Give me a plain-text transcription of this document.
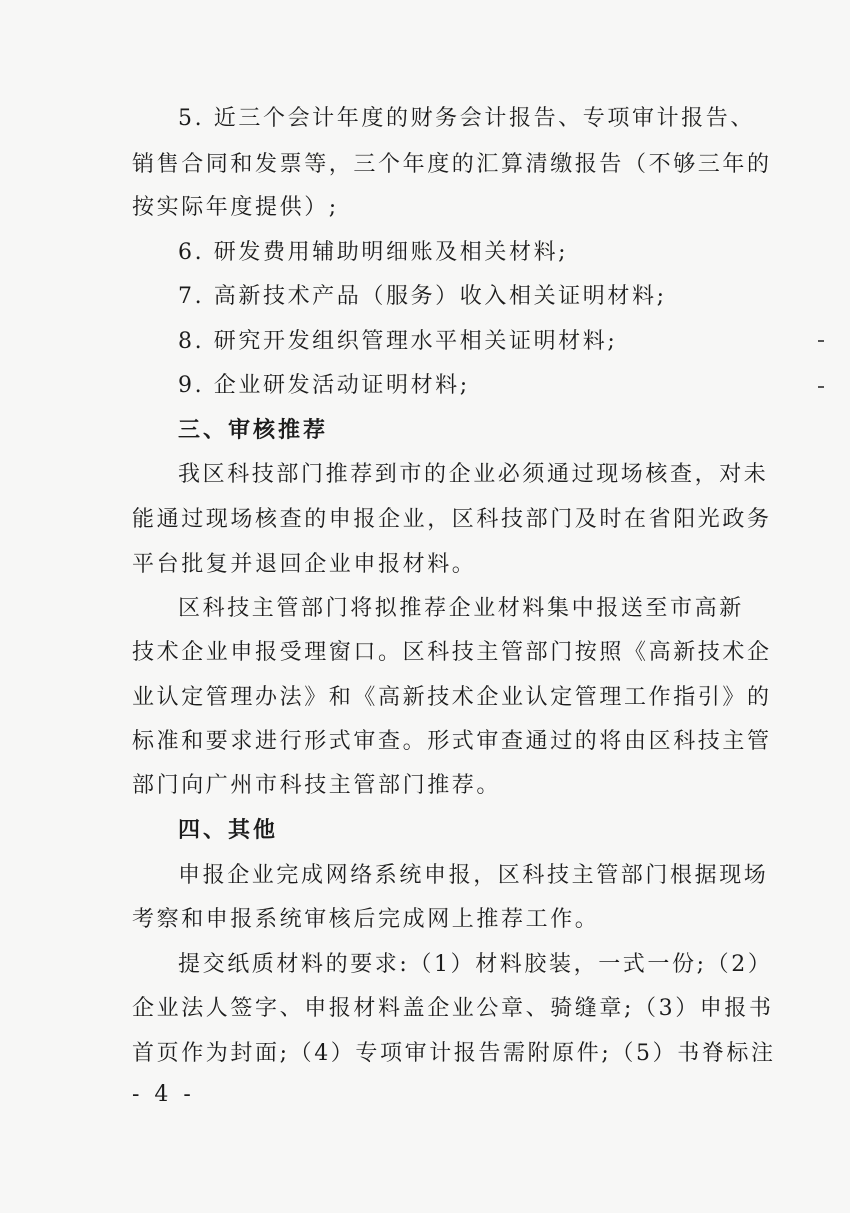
5. 近三个会计年度的财务会计报告、专项审计报告、
销售合同和发票等，三个年度的汇算清缴报告（不够三年的
按实际年度提供）;
6. 研发费用辅助明细账及相关材料;
7. 高新技术产品（服务）收入相关证明材料;
8. 研究开发组织管理水平相关证明材料;
9. 企业研发活动证明材料;
三、审核推荐
我区科技部门推荐到市的企业必须通过现场核查，对未
能通过现场核查的申报企业，区科技部门及时在省阳光政务
平台批复并退回企业申报材料。
区科技主管部门将拟推荐企业材料集中报送至市高新
技术企业申报受理窗口。区科技主管部门按照《高新技术企
业认定管理办法》和《高新技术企业认定管理工作指引》的
标准和要求进行形式审查。形式审查通过的将由区科技主管
部门向广州市科技主管部门推荐。
四、其他
申报企业完成网络系统申报，区科技主管部门根据现场
考察和申报系统审核后完成网上推荐工作。
提交纸质材料的要求:（1）材料胶装，一式一份;（2）
企业法人签字、申报材料盖企业公章、骑缝章;（3）申报书
首页作为封面;（4）专项审计报告需附原件;（5）书脊标注
- 4 -
